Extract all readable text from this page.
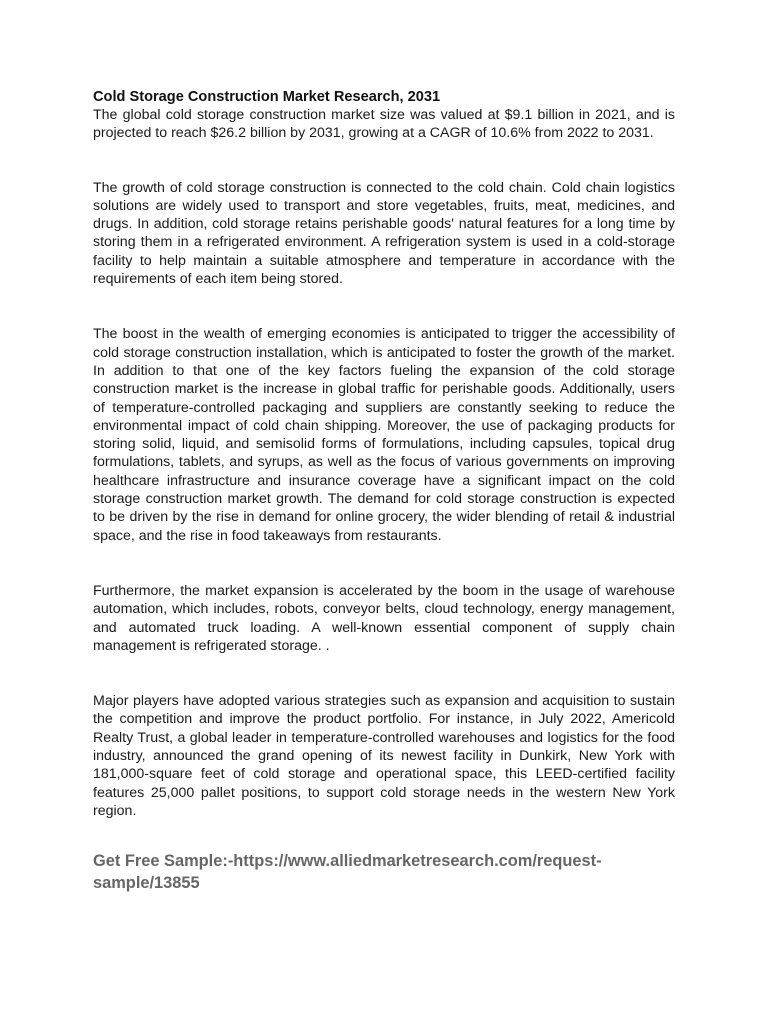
Cold Storage Construction Market Research, 2031

The global cold storage construction market size was valued at $9.1 billion in 2021, and is projected to reach $26.2 billion by 2031, growing at a CAGR of 10.6% from 2022 to 2031.

The growth of cold storage construction is connected to the cold chain. Cold chain logistics solutions are widely used to transport and store vegetables, fruits, meat, medicines, and drugs. In addition, cold storage retains perishable goods' natural features for a long time by storing them in a refrigerated environment. A refrigeration system is used in a cold-storage facility to help maintain a suitable atmosphere and temperature in accordance with the requirements of each item being stored.

The boost in the wealth of emerging economies is anticipated to trigger the accessibility of cold storage construction installation, which is anticipated to foster the growth of the market. In addition to that one of the key factors fueling the expansion of the cold storage construction market is the increase in global traffic for perishable goods. Additionally, users of temperature-controlled packaging and suppliers are constantly seeking to reduce the environmental impact of cold chain shipping. Moreover, the use of packaging products for storing solid, liquid, and semisolid forms of formulations, including capsules, topical drug formulations, tablets, and syrups, as well as the focus of various governments on improving healthcare infrastructure and insurance coverage have a significant impact on the cold storage construction market growth. The demand for cold storage construction is expected to be driven by the rise in demand for online grocery, the wider blending of retail & industrial space, and the rise in food takeaways from restaurants.

Furthermore, the market expansion is accelerated by the boom in the usage of warehouse automation, which includes, robots, conveyor belts, cloud technology, energy management, and automated truck loading. A well-known essential component of supply chain management is refrigerated storage. .

Major players have adopted various strategies such as expansion and acquisition to sustain the competition and improve the product portfolio. For instance, in July 2022, Americold Realty Trust, a global leader in temperature-controlled warehouses and logistics for the food industry, announced the grand opening of its newest facility in Dunkirk, New York with 181,000-square feet of cold storage and operational space, this LEED-certified facility features 25,000 pallet positions, to support cold storage needs in the western New York region.

Get Free Sample:-https://www.alliedmarketresearch.com/request-sample/13855
